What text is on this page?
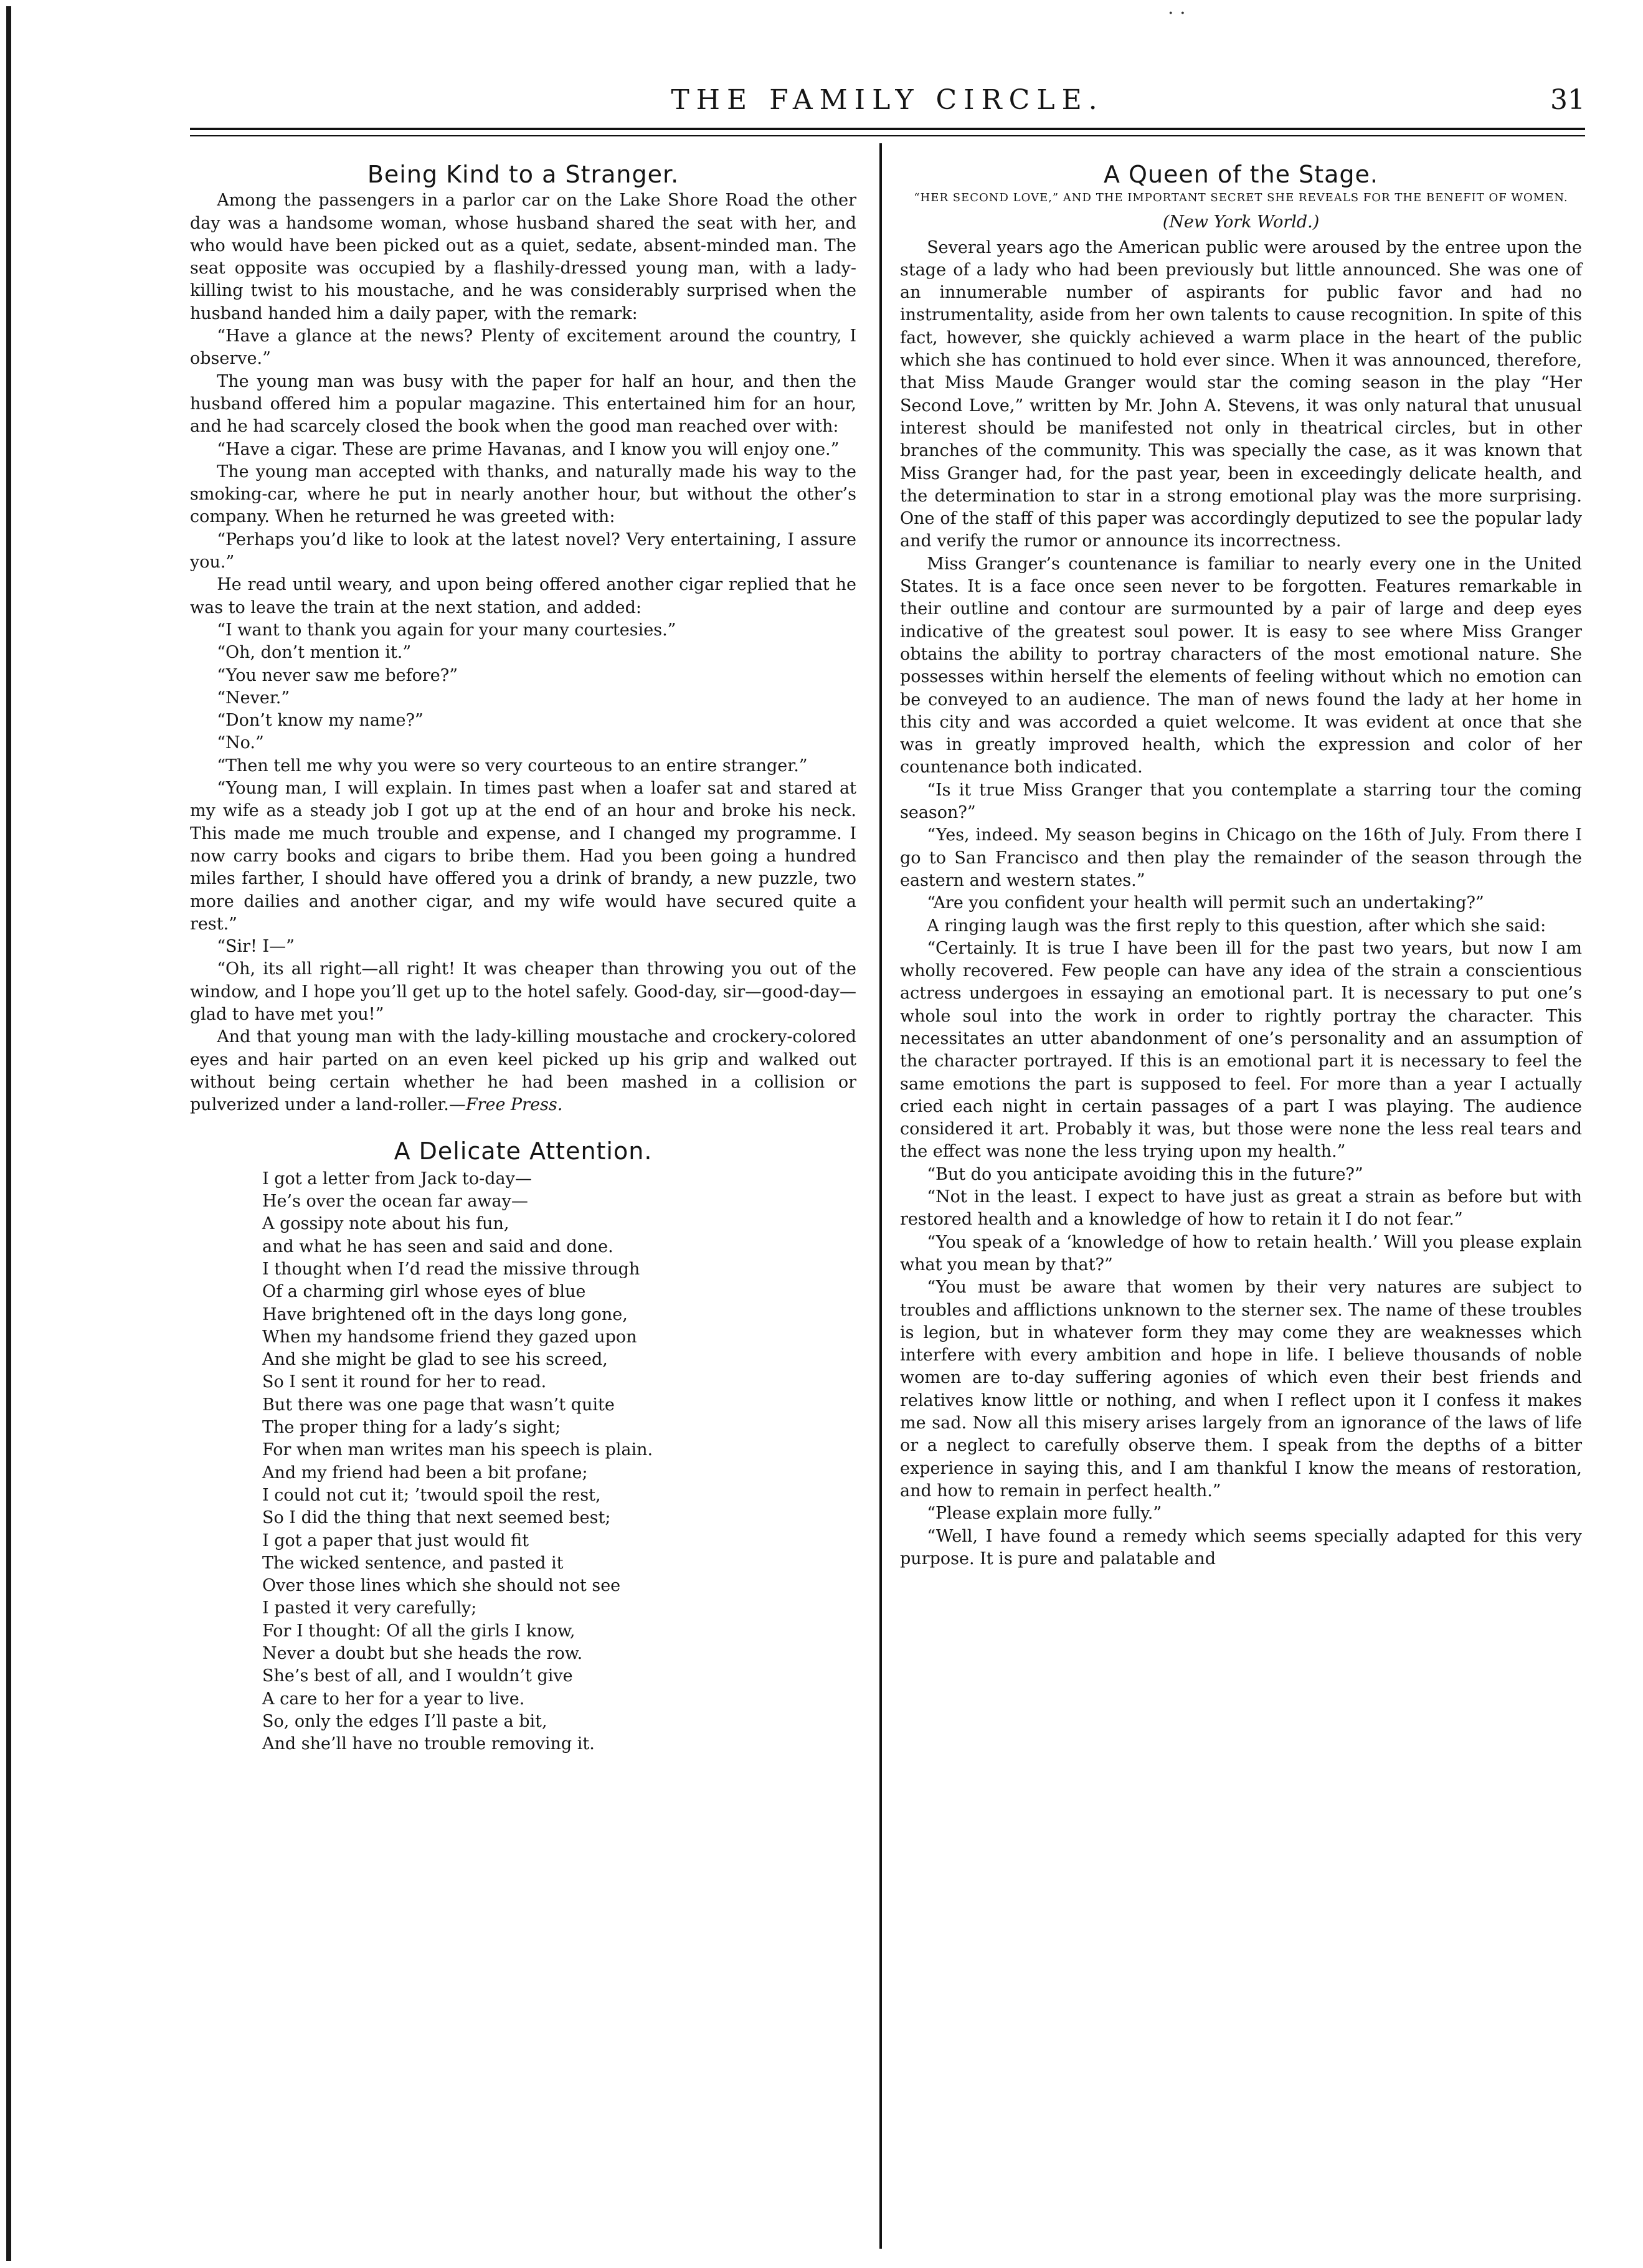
· ·
THE FAMILY CIRCLE.	31
Being Kind to a Stranger.

Among the passengers in a parlor car on the Lake Shore Road the other day was a handsome woman, whose husband shared the seat with her, and who would have been picked out as a quiet, sedate, absent-minded man. The seat opposite was occupied by a flashily-dressed young man, with a lady-killing twist to his moustache, and he was considerably surprised when the husband handed him a daily paper, with the remark:

“Have a glance at the news? Plenty of excitement around the country, I observe.”

The young man was busy with the paper for half an hour, and then the husband offered him a popular magazine. This entertained him for an hour, and he had scarcely closed the book when the good man reached over with:

“Have a cigar. These are prime Havanas, and I know you will enjoy one.”

The young man accepted with thanks, and naturally made his way to the smoking-car, where he put in nearly another hour, but without the other’s company. When he returned he was greeted with:

“Perhaps you’d like to look at the latest novel? Very entertaining, I assure you.”

He read until weary, and upon being offered another cigar replied that he was to leave the train at the next station, and added:

“I want to thank you again for your many courtesies.”

“Oh, don’t mention it.”

“You never saw me before?”

“Never.”

“Don’t know my name?”

“No.”

“Then tell me why you were so very courteous to an entire stranger.”

“Young man, I will explain. In times past when a loafer sat and stared at my wife as a steady job I got up at the end of an hour and broke his neck. This made me much trouble and expense, and I changed my programme. I now carry books and cigars to bribe them. Had you been going a hundred miles farther, I should have offered you a drink of brandy, a new puzzle, two more dailies and another cigar, and my wife would have secured quite a rest.”

“Sir! I—”

“Oh, its all right—all right! It was cheaper than throwing you out of the window, and I hope you’ll get up to the hotel safely. Good-day, sir—good-day—glad to have met you!”

And that young man with the lady-killing moustache and crockery-colored eyes and hair parted on an even keel picked up his grip and walked out without being certain whether he had been mashed in a collision or pulverized under a land-roller.—Free Press.

A Delicate Attention.
I got a letter from Jack to-day—
He’s over the ocean far away—
A gossipy note about his fun,
and what he has seen and said and done.
I thought when I’d read the missive through
Of a charming girl whose eyes of blue
Have brightened oft in the days long gone,
When my handsome friend they gazed upon
And she might be glad to see his screed,
So I sent it round for her to read.
But there was one page that wasn’t quite
The proper thing for a lady’s sight;
For when man writes man his speech is plain.
And my friend had been a bit profane;
I could not cut it; ’twould spoil the rest,
So I did the thing that next seemed best;
I got a paper that just would fit
The wicked sentence, and pasted it
Over those lines which she should not see
I pasted it very carefully;
For I thought: Of all the girls I know,
Never a doubt but she heads the row.
She’s best of all, and I wouldn’t give
A care to her for a year to live.
So, only the edges I’ll paste a bit,
And she’ll have no trouble removing it.
A Queen of the Stage.
“HER SECOND LOVE,” AND THE IMPORTANT SECRET SHE REVEALS FOR THE BENEFIT OF WOMEN.
(New York World.)

Several years ago the American public were aroused by the entree upon the stage of a lady who had been previously but little announced. She was one of an innumerable number of aspirants for public favor and had no instrumentality, aside from her own talents to cause recognition. In spite of this fact, however, she quickly achieved a warm place in the heart of the public which she has continued to hold ever since. When it was announced, therefore, that Miss Maude Granger would star the coming season in the play “Her Second Love,” written by Mr. John A. Stevens, it was only natural that unusual interest should be manifested not only in theatrical circles, but in other branches of the community. This was specially the case, as it was known that Miss Granger had, for the past year, been in exceedingly delicate health, and the determination to star in a strong emotional play was the more surprising. One of the staff of this paper was accordingly deputized to see the popular lady and verify the rumor or announce its incorrectness.

Miss Granger’s countenance is familiar to nearly every one in the United States. It is a face once seen never to be forgotten. Features remarkable in their outline and contour are surmounted by a pair of large and deep eyes indicative of the greatest soul power. It is easy to see where Miss Granger obtains the ability to portray characters of the most emotional nature. She possesses within herself the elements of feeling without which no emotion can be conveyed to an audience. The man of news found the lady at her home in this city and was accorded a quiet welcome. It was evident at once that she was in greatly improved health, which the expression and color of her countenance both indicated.

“Is it true Miss Granger that you contemplate a starring tour the coming season?”

“Yes, indeed. My season begins in Chicago on the 16th of July. From there I go to San Francisco and then play the remainder of the season through the eastern and western states.”

“Are you confident your health will permit such an undertaking?”

A ringing laugh was the first reply to this question, after which she said:

“Certainly. It is true I have been ill for the past two years, but now I am wholly recovered. Few people can have any idea of the strain a conscientious actress undergoes in essaying an emotional part. It is necessary to put one’s whole soul into the work in order to rightly portray the character. This necessitates an utter abandonment of one’s personality and an assumption of the character portrayed. If this is an emotional part it is necessary to feel the same emotions the part is supposed to feel. For more than a year I actually cried each night in certain passages of a part I was playing. The audience considered it art. Probably it was, but those were none the less real tears and the effect was none the less trying upon my health.”

“But do you anticipate avoiding this in the future?”

“Not in the least. I expect to have just as great a strain as before but with restored health and a knowledge of how to retain it I do not fear.”

“You speak of a ‘knowledge of how to retain health.’ Will you please explain what you mean by that?”

“You must be aware that women by their very natures are subject to troubles and afflictions unknown to the sterner sex. The name of these troubles is legion, but in whatever form they may come they are weaknesses which interfere with every ambition and hope in life. I believe thousands of noble women are to-day suffering agonies of which even their best friends and relatives know little or nothing, and when I reflect upon it I confess it makes me sad. Now all this misery arises largely from an ignorance of the laws of life or a neglect to carefully observe them. I speak from the depths of a bitter experience in saying this, and I am thankful I know the means of restoration, and how to remain in perfect health.”

“Please explain more fully.”

“Well, I have found a remedy which seems specially adapted for this very purpose. It is pure and palatable and
